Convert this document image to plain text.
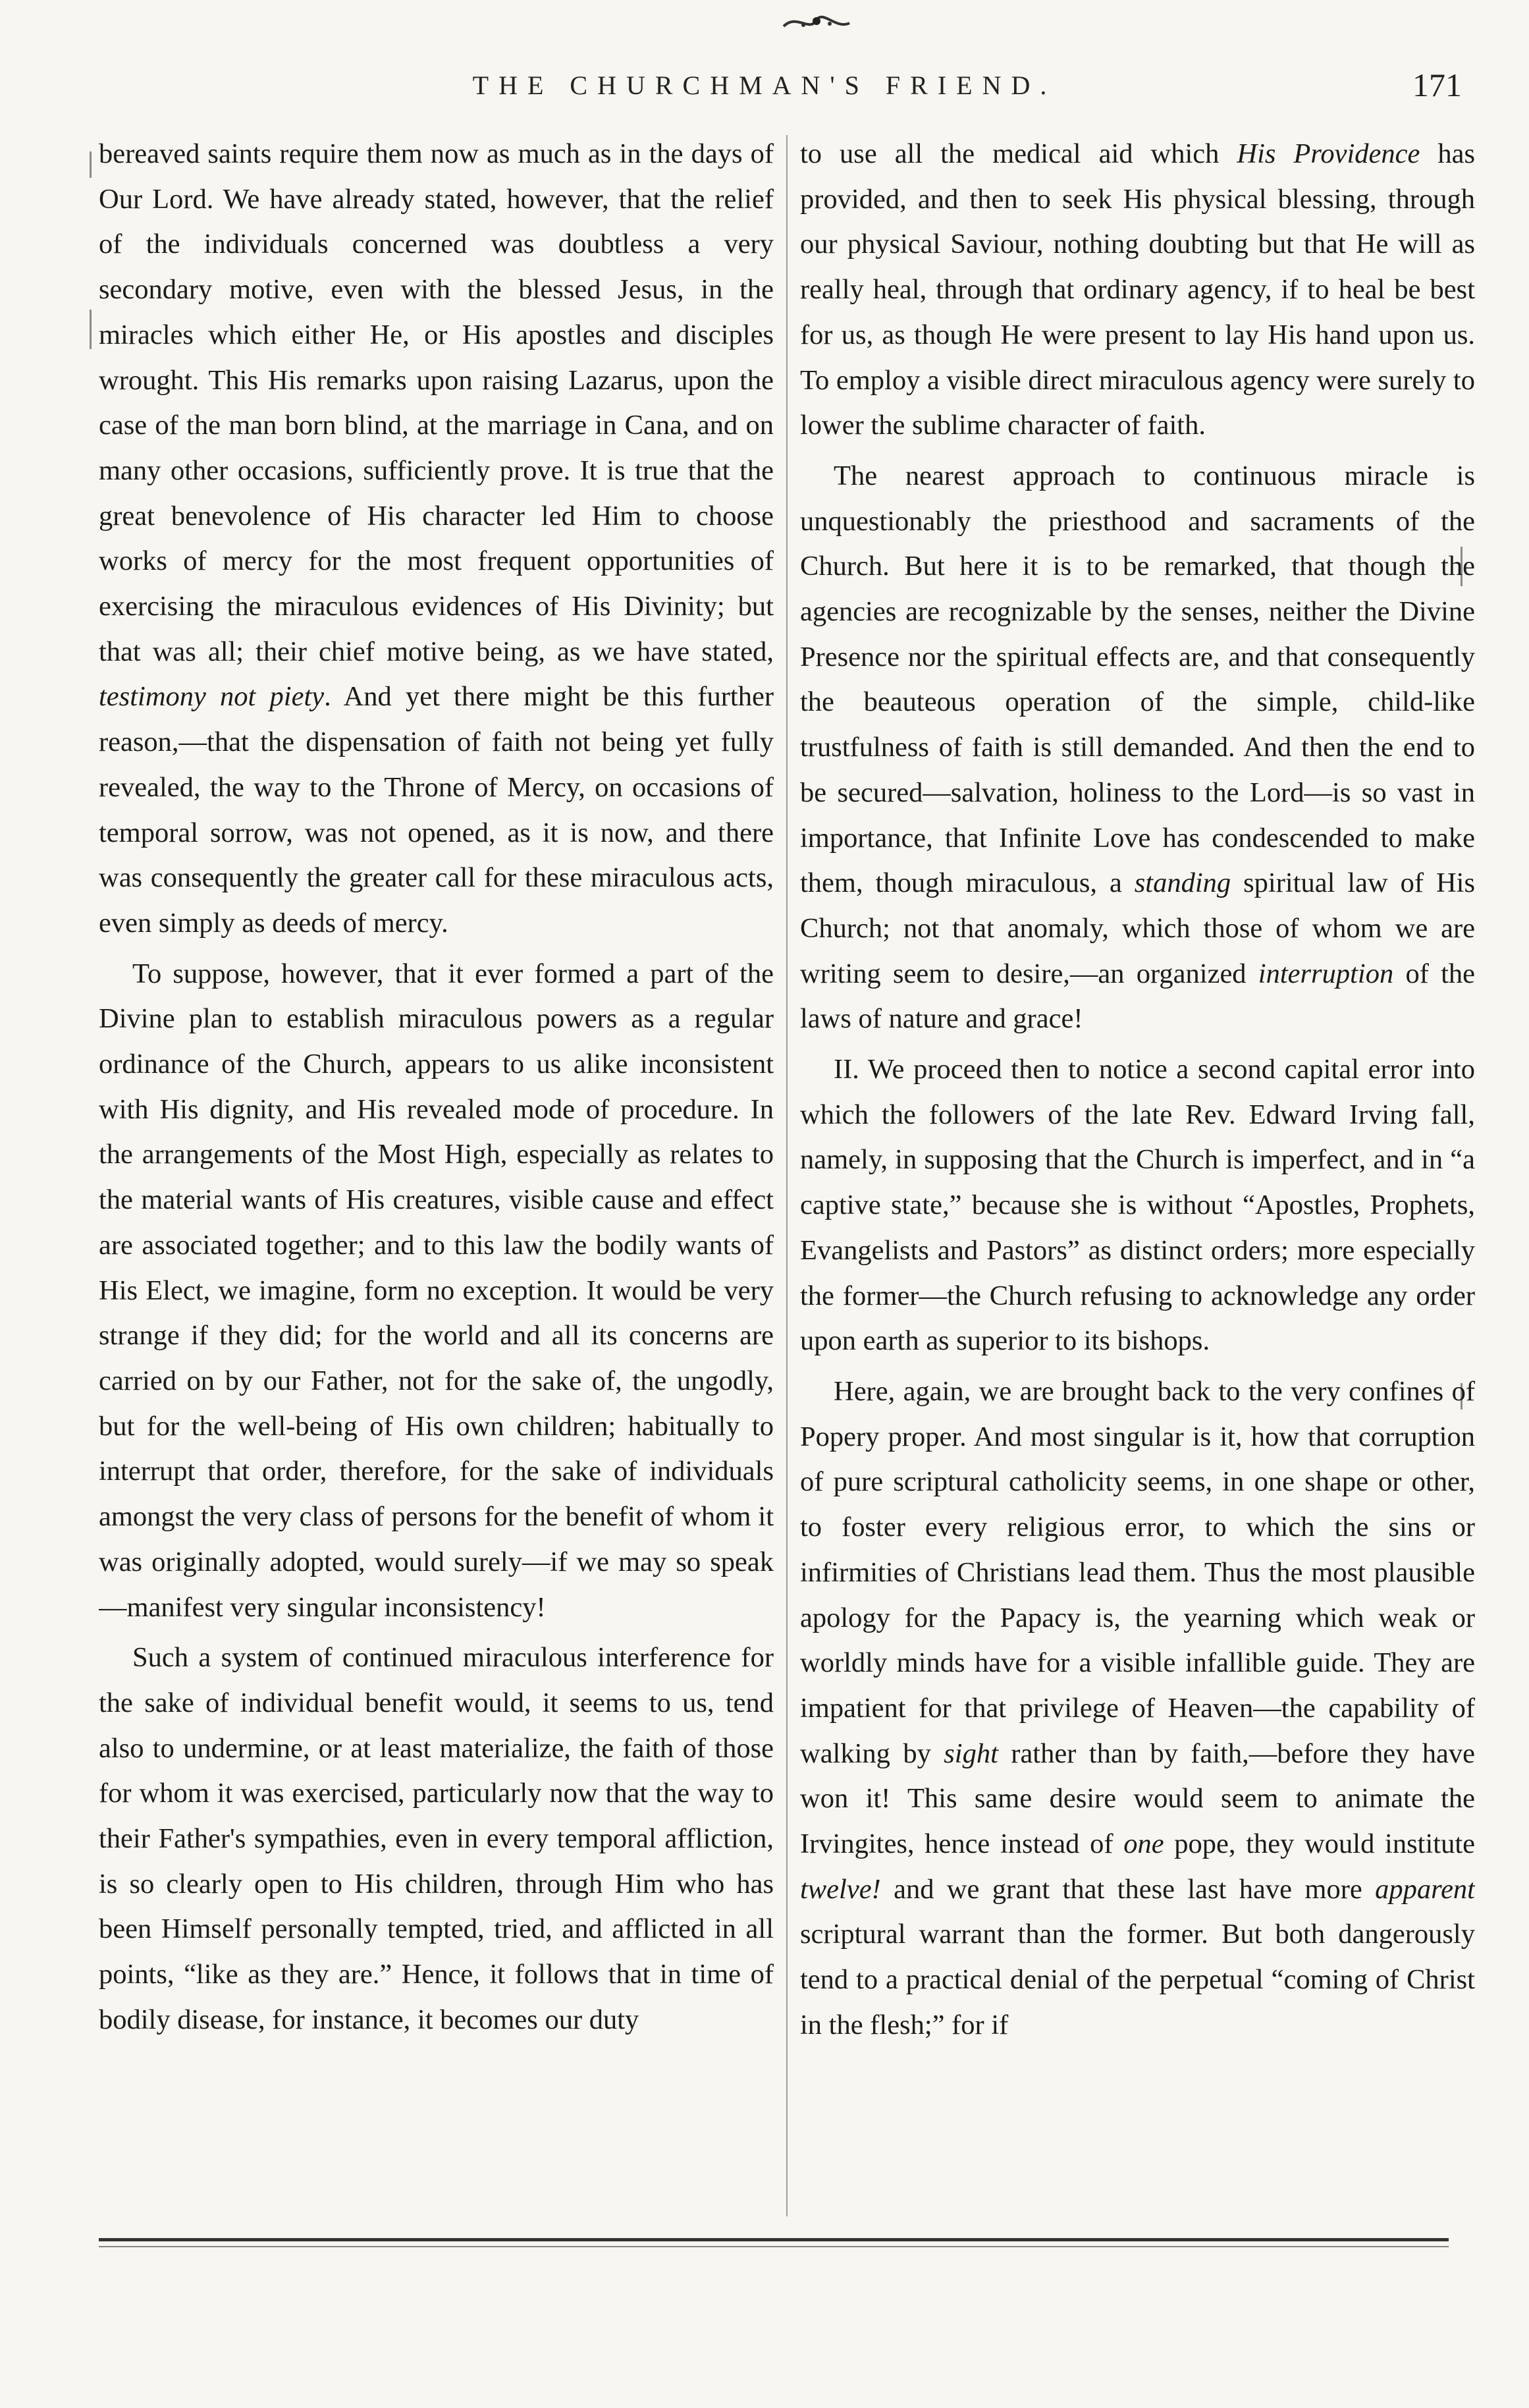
THE CHURCHMAN'S FRIEND.	171

bereaved saints require them now as much as in the days of Our Lord. We have already stated, however, that the relief of the individuals concerned was doubtless a very secondary motive, even with the blessed Jesus, in the miracles which either He, or His apostles and disciples wrought. This His remarks upon raising Lazarus, upon the case of the man born blind, at the marriage in Cana, and on many other occasions, sufficiently prove. It is true that the great benevolence of His character led Him to choose works of mercy for the most frequent opportunities of exercising the miraculous evidences of His Divinity; but that was all; their chief motive being, as we have stated, testimony not piety. And yet there might be this further reason,—that the dispensation of faith not being yet fully revealed, the way to the Throne of Mercy, on occasions of temporal sorrow, was not opened, as it is now, and there was consequently the greater call for these miraculous acts, even simply as deeds of mercy.

To suppose, however, that it ever formed a part of the Divine plan to establish miraculous powers as a regular ordinance of the Church, appears to us alike inconsistent with His dignity, and His revealed mode of procedure. In the arrangements of the Most High, especially as relates to the material wants of His creatures, visible cause and effect are associated together; and to this law the bodily wants of His Elect, we imagine, form no exception. It would be very strange if they did; for the world and all its concerns are carried on by our Father, not for the sake of, the ungodly, but for the well-being of His own children; habitually to interrupt that order, therefore, for the sake of individuals amongst the very class of persons for the benefit of whom it was originally adopted, would surely—if we may so speak—manifest very singular inconsistency!

Such a system of continued miraculous interference for the sake of individual benefit would, it seems to us, tend also to undermine, or at least materialize, the faith of those for whom it was exercised, particularly now that the way to their Father's sympathies, even in every temporal affliction, is so clearly open to His children, through Him who has been Himself personally tempted, tried, and afflicted in all points, “like as they are.” Hence, it follows that in time of bodily disease, for instance, it becomes our duty

to use all the medical aid which His Providence has provided, and then to seek His physical blessing, through our physical Saviour, nothing doubting but that He will as really heal, through that ordinary agency, if to heal be best for us, as though He were present to lay His hand upon us. To employ a visible direct miraculous agency were surely to lower the sublime character of faith.

The nearest approach to continuous miracle is unquestionably the priesthood and sacraments of the Church. But here it is to be remarked, that though the agencies are recognizable by the senses, neither the Divine Presence nor the spiritual effects are, and that consequently the beauteous operation of the simple, child-like trustfulness of faith is still demanded. And then the end to be secured—salvation, holiness to the Lord—is so vast in importance, that Infinite Love has condescended to make them, though miraculous, a standing spiritual law of His Church; not that anomaly, which those of whom we are writing seem to desire,—an organized interruption of the laws of nature and grace!

II. We proceed then to notice a second capital error into which the followers of the late Rev. Edward Irving fall, namely, in supposing that the Church is imperfect, and in “a captive state,” because she is without “Apostles, Prophets, Evangelists and Pastors” as distinct orders; more especially the former—the Church refusing to acknowledge any order upon earth as superior to its bishops.

Here, again, we are brought back to the very confines of Popery proper. And most singular is it, how that corruption of pure scriptural catholicity seems, in one shape or other, to foster every religious error, to which the sins or infirmities of Christians lead them. Thus the most plausible apology for the Papacy is, the yearning which weak or worldly minds have for a visible infallible guide. They are impatient for that privilege of Heaven—the capability of walking by sight rather than by faith,—before they have won it! This same desire would seem to animate the Irvingites, hence instead of one pope, they would institute twelve! and we grant that these last have more apparent scriptural warrant than the former. But both dangerously tend to a practical denial of the perpetual “coming of Christ in the flesh;” for if
